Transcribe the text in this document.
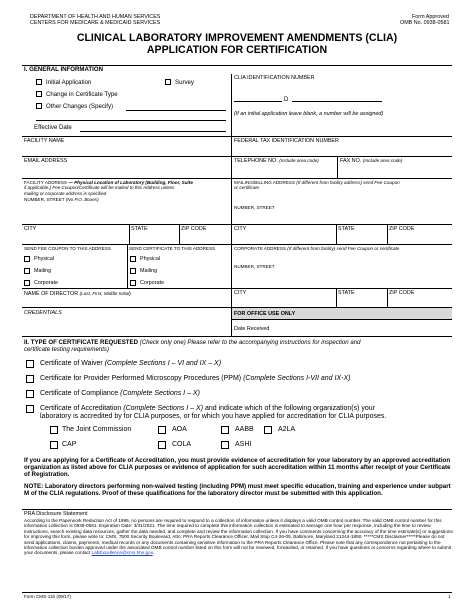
DEPARTMENT OF HEALTH AND HUMAN SERVICES
CENTERS FOR MEDICARE & MEDICAID SERVICES
Form Approved
OMB No. 0938-0581
CLINICAL LABORATORY IMPROVEMENT AMENDMENTS (CLIA)
APPLICATION FOR CERTIFICATION
I. GENERAL INFORMATION
Initial Application	Survey
Change in Certificate Type
Other Changes (Specify)
Effective Date
CLIA IDENTIFICATION NUMBER
D
(If an initial application leave blank, a number will be assigned)
FACILITY NAME	FEDERAL TAX IDENTIFICATION NUMBER
EMAIL ADDRESS	TELEPHONE NO. (Include area code)	FAX NO. (Include area code)
FACILITY ADDRESS — Physical Location of Laboratory (Building, Floor, Suite
if applicable.) Fee Coupon/Certificate will be mailed to this Address unless
mailing or corporate address is specified
NUMBER, STREET (No P.O. Boxes)
MAILING/BILLING ADDRESS (If different from facility address) send Fee Coupon
or certificate
NUMBER, STREET
CITY	STATE	ZIP CODE	CITY	STATE	ZIP CODE
SEND FEE COUPON TO THIS ADDRESS	SEND CERTIFICATE TO THIS ADDRESS
Physical
Mailing
Corporate
Physical
Mailing
Corporate
CORPORATE ADDRESS (If different from facility) send Fee Coupon or certificate
NUMBER, STREET
CITY	STATE	ZIP CODE
NAME OF DIRECTOR (Last, First, Middle Initial)
CREDENTIALS	FOR OFFICE USE ONLY
Date Received
II. TYPE OF CERTIFICATE REQUESTED (Check only one) Please refer to the accompanying instructions for inspection and
certificate testing requirements)
Certificate of Waiver (Complete Sections I – VI and IX – X)
Certificate for Provider Performed Microscopy Procedures (PPM) (Complete Sections I-VII and IX-X)
Certificate of Compliance (Complete Sections I – X)
Certificate of Accreditation (Complete Sections I – X) and indicate which of the following organization(s) your
laboratory is accredited by for CLIA purposes, or for which you have applied for accreditation for CLIA purposes.
The Joint Commission	AOA	AABB	A2LA
CAP	COLA	ASHI
If you are applying for a Certificate of Accreditation, you must provide evidence of accreditation for your laboratory by an approved accreditation organization as listed above for CLIA purposes or evidence of application for such accreditation within 11 months after receipt of your Certificate of Registration.
NOTE: Laboratory directors performing non-waived testing (including PPM) must meet specific education, training and experience under subpart M of the CLIA regulations. Proof of these qualifications for the laboratory director must be submitted with this application.
PRA Disclosure Statement
According to the Paperwork Reduction Act of 1995, no persons are required to respond to a collection of information unless it displays a valid OMB control number. The valid OMB control number for this information collection is 0938-0581. Expiration Date: 3/31/2021. The time required to complete this information collection is estimated to average one hour per response, including the time to review instructions, search existing data resources, gather the data needed, and complete and review the information collection. If you have comments concerning the accuracy of the time estimate(s) or suggestions for improving this form, please write to: CMS, 7500 Security Boulevard, Attn: PRA Reports Clearance Officer, Mail Stop C4-26-05, Baltimore, Maryland 21244-1850. *****CMS Disclaimer*****Please do not send applications, claims, payments, medical records or any documents containing sensitive information to the PRA Reports Clearance Office. Please note that any correspondence not pertaining to the information collection burden approved under the associated OMB control number listed on this form will not be reviewed, forwarded, or retained. If you have questions or concerns regarding where to submit your documents, please contact LabExcellence@cms.hhs.gov.
Form CMS-116 (09/17)	1
